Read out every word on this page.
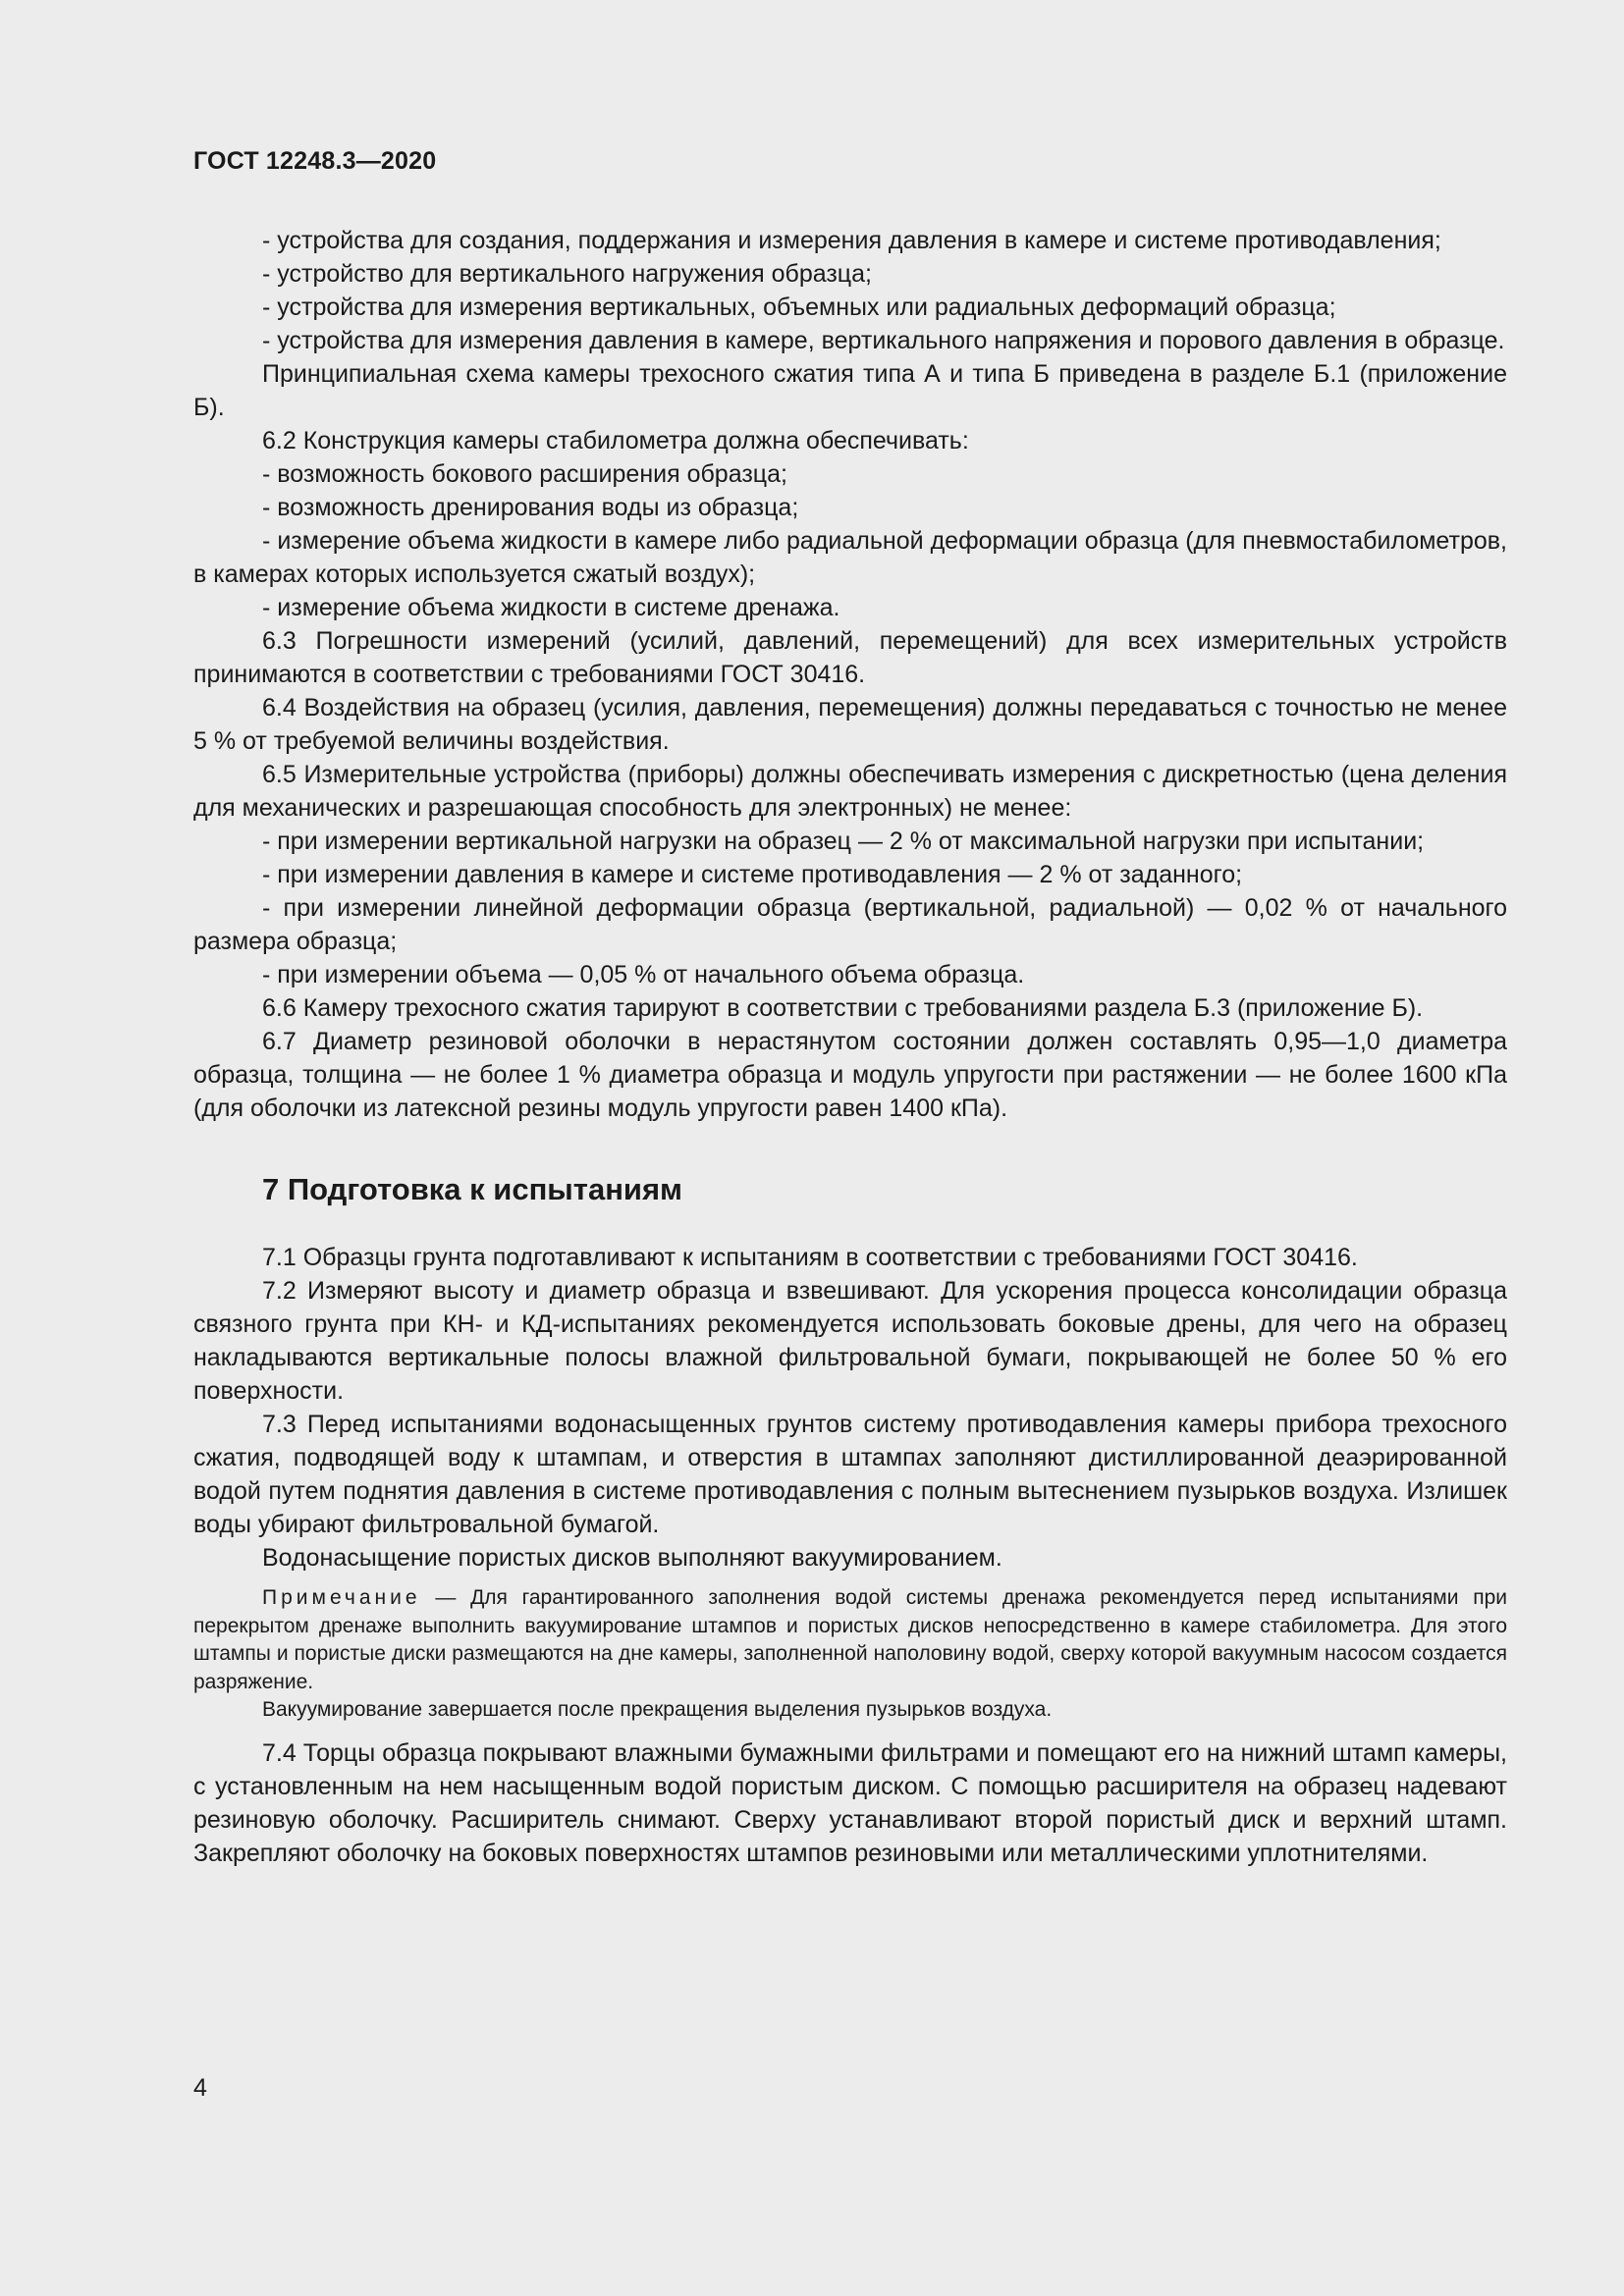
ГОСТ 12248.3—2020

- устройства для создания, поддержания и измерения давления в камере и системе противодавления;

- устройство для вертикального нагружения образца;

- устройства для измерения вертикальных, объемных или радиальных деформаций образца;

- устройства для измерения давления в камере, вертикального напряжения и порового давления в образце.

Принципиальная схема камеры трехосного сжатия типа А и типа Б приведена в разделе Б.1 (приложение Б).

6.2 Конструкция камеры стабилометра должна обеспечивать:

- возможность бокового расширения образца;

- возможность дренирования воды из образца;

- измерение объема жидкости в камере либо радиальной деформации образца (для пневмостабилометров, в камерах которых используется сжатый воздух);

- измерение объема жидкости в системе дренажа.

6.3 Погрешности измерений (усилий, давлений, перемещений) для всех измерительных устройств принимаются в соответствии с требованиями ГОСТ 30416.

6.4 Воздействия на образец (усилия, давления, перемещения) должны передаваться с точностью не менее 5 % от требуемой величины воздействия.

6.5 Измерительные устройства (приборы) должны обеспечивать измерения с дискретностью (цена деления для механических и разрешающая способность для электронных) не менее:

- при измерении вертикальной нагрузки на образец — 2 % от максимальной нагрузки при испытании;

- при измерении давления в камере и системе противодавления — 2 % от заданного;

- при измерении линейной деформации образца (вертикальной, радиальной) — 0,02 % от начального размера образца;

- при измерении объема — 0,05 % от начального объема образца.

6.6 Камеру трехосного сжатия тарируют в соответствии с требованиями раздела Б.3 (приложение Б).

6.7 Диаметр резиновой оболочки в нерастянутом состоянии должен составлять 0,95—1,0 диаметра образца, толщина — не более 1 % диаметра образца и модуль упругости при растяжении — не более 1600 кПа (для оболочки из латексной резины модуль упругости равен 1400 кПа).

7 Подготовка к испытаниям

7.1 Образцы грунта подготавливают к испытаниям в соответствии с требованиями ГОСТ 30416.

7.2 Измеряют высоту и диаметр образца и взвешивают. Для ускорения процесса консолидации образца связного грунта при КН- и КД-испытаниях рекомендуется использовать боковые дрены, для чего на образец накладываются вертикальные полосы влажной фильтровальной бумаги, покрывающей не более 50 % его поверхности.

7.3 Перед испытаниями водонасыщенных грунтов систему противодавления камеры прибора трехосного сжатия, подводящей воду к штампам, и отверстия в штампах заполняют дистиллированной деаэрированной водой путем поднятия давления в системе противодавления с полным вытеснением пузырьков воздуха. Излишек воды убирают фильтровальной бумагой.

Водонасыщение пористых дисков выполняют вакуумированием.

Примечание — Для гарантированного заполнения водой системы дренажа рекомендуется перед испытаниями при перекрытом дренаже выполнить вакуумирование штампов и пористых дисков непосредственно в камере стабилометра. Для этого штампы и пористые диски размещаются на дне камеры, заполненной наполовину водой, сверху которой вакуумным насосом создается разряжение.

Вакуумирование завершается после прекращения выделения пузырьков воздуха.

7.4 Торцы образца покрывают влажными бумажными фильтрами и помещают его на нижний штамп камеры, с установленным на нем насыщенным водой пористым диском. С помощью расширителя на образец надевают резиновую оболочку. Расширитель снимают. Сверху устанавливают второй пористый диск и верхний штамп. Закрепляют оболочку на боковых поверхностях штампов резиновыми или металлическими уплотнителями.

4
